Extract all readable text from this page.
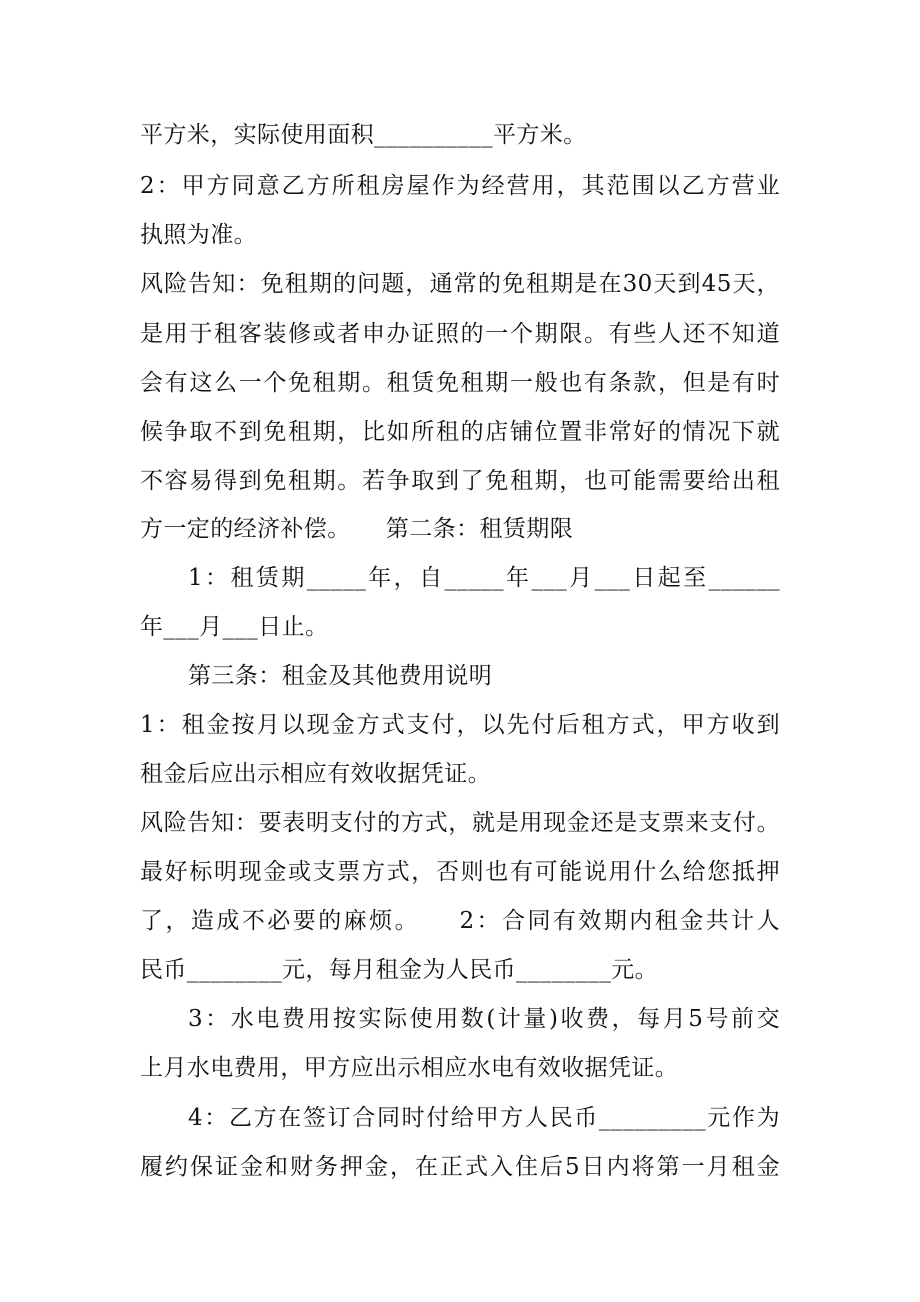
平方米，实际使用面积__________平方米。
2：甲方同意乙方所租房屋作为经营用，其范围以乙方营业
执照为准。
风险告知：免租期的问题，通常的免租期是在30天到45天，
是用于租客装修或者申办证照的一个期限。有些人还不知道
会有这么一个免租期。租赁免租期一般也有条款，但是有时
候争取不到免租期，比如所租的店铺位置非常好的情况下就
不容易得到免租期。若争取到了免租期，也可能需要给出租
方一定的经济补偿。　　第二条：租赁期限
1：租赁期_____年，自_____年___月___日起至______
年___月___日止。
第三条：租金及其他费用说明
1：租金按月以现金方式支付，以先付后租方式，甲方收到
租金后应出示相应有效收据凭证。
风险告知：要表明支付的方式，就是用现金还是支票来支付。
最好标明现金或支票方式，否则也有可能说用什么给您抵押
了，造成不必要的麻烦。　　2：合同有效期内租金共计人
民币________元，每月租金为人民币________元。
3：水电费用按实际使用数(计量)收费，每月5号前交
上月水电费用，甲方应出示相应水电有效收据凭证。
4：乙方在签订合同时付给甲方人民币_________元作为
履约保证金和财务押金，在正式入住后5日内将第一月租金
